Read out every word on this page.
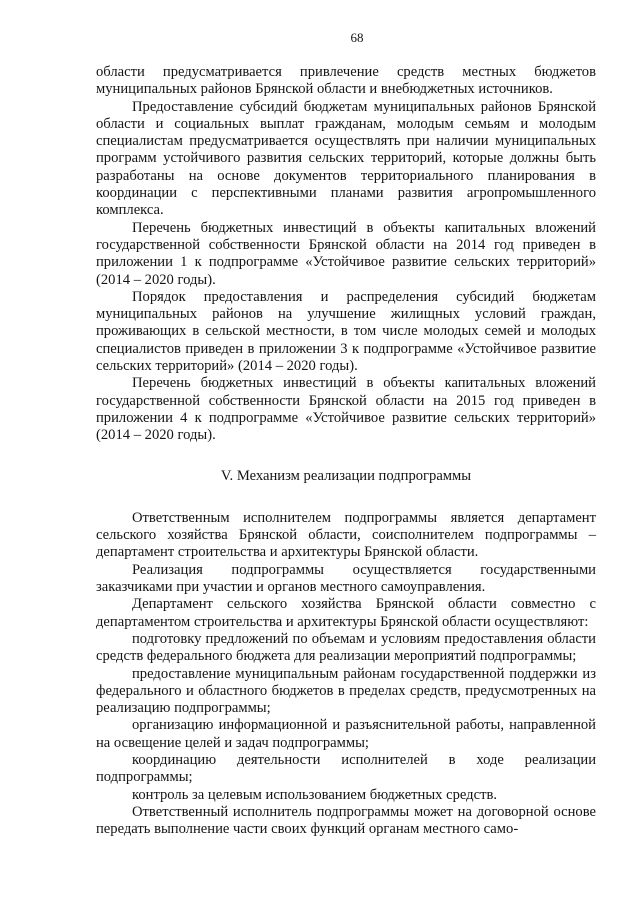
68

области предусматривается привлечение средств местных бюджетов муниципальных районов Брянской области и внебюджетных источников.

Предоставление субсидий бюджетам муниципальных районов Брянской области и социальных выплат гражданам, молодым семьям и молодым специалистам предусматривается осуществлять при наличии муниципальных программ устойчивого развития сельских территорий, которые должны быть разработаны на основе документов территориального планирования в координации с перспективными планами развития агропромышленного комплекса.

Перечень бюджетных инвестиций в объекты капитальных вложений государственной собственности Брянской области на 2014 год приведен в приложении 1 к подпрограмме «Устойчивое развитие сельских территорий» (2014 – 2020 годы).

Порядок предоставления и распределения субсидий бюджетам муниципальных районов на улучшение жилищных условий граждан, проживающих в сельской местности, в том числе молодых семей и молодых специалистов приведен в приложении 3 к подпрограмме «Устойчивое развитие сельских территорий» (2014 – 2020 годы).

Перечень бюджетных инвестиций в объекты капитальных вложений государственной собственности Брянской области на 2015 год приведен в приложении 4 к подпрограмме «Устойчивое развитие сельских территорий» (2014 – 2020 годы).

V. Механизм реализации подпрограммы

Ответственным исполнителем подпрограммы является департамент сельского хозяйства Брянской области, соисполнителем подпрограммы – департамент строительства и архитектуры Брянской области.

Реализация подпрограммы осуществляется государственными заказчиками при участии и органов местного самоуправления.

Департамент сельского хозяйства Брянской области совместно с департаментом строительства и архитектуры Брянской области осуществляют:

подготовку предложений по объемам и условиям предоставления области средств федерального бюджета для реализации мероприятий подпрограммы;

предоставление муниципальным районам государственной поддержки из федерального и областного бюджетов в пределах средств, предусмотренных на реализацию подпрограммы;

организацию информационной и разъяснительной работы, направленной на освещение целей и задач подпрограммы;

координацию деятельности исполнителей в ходе реализации подпрограммы;

контроль за целевым использованием бюджетных средств.

Ответственный исполнитель подпрограммы может на договорной основе передать выполнение части своих функций органам местного само-
